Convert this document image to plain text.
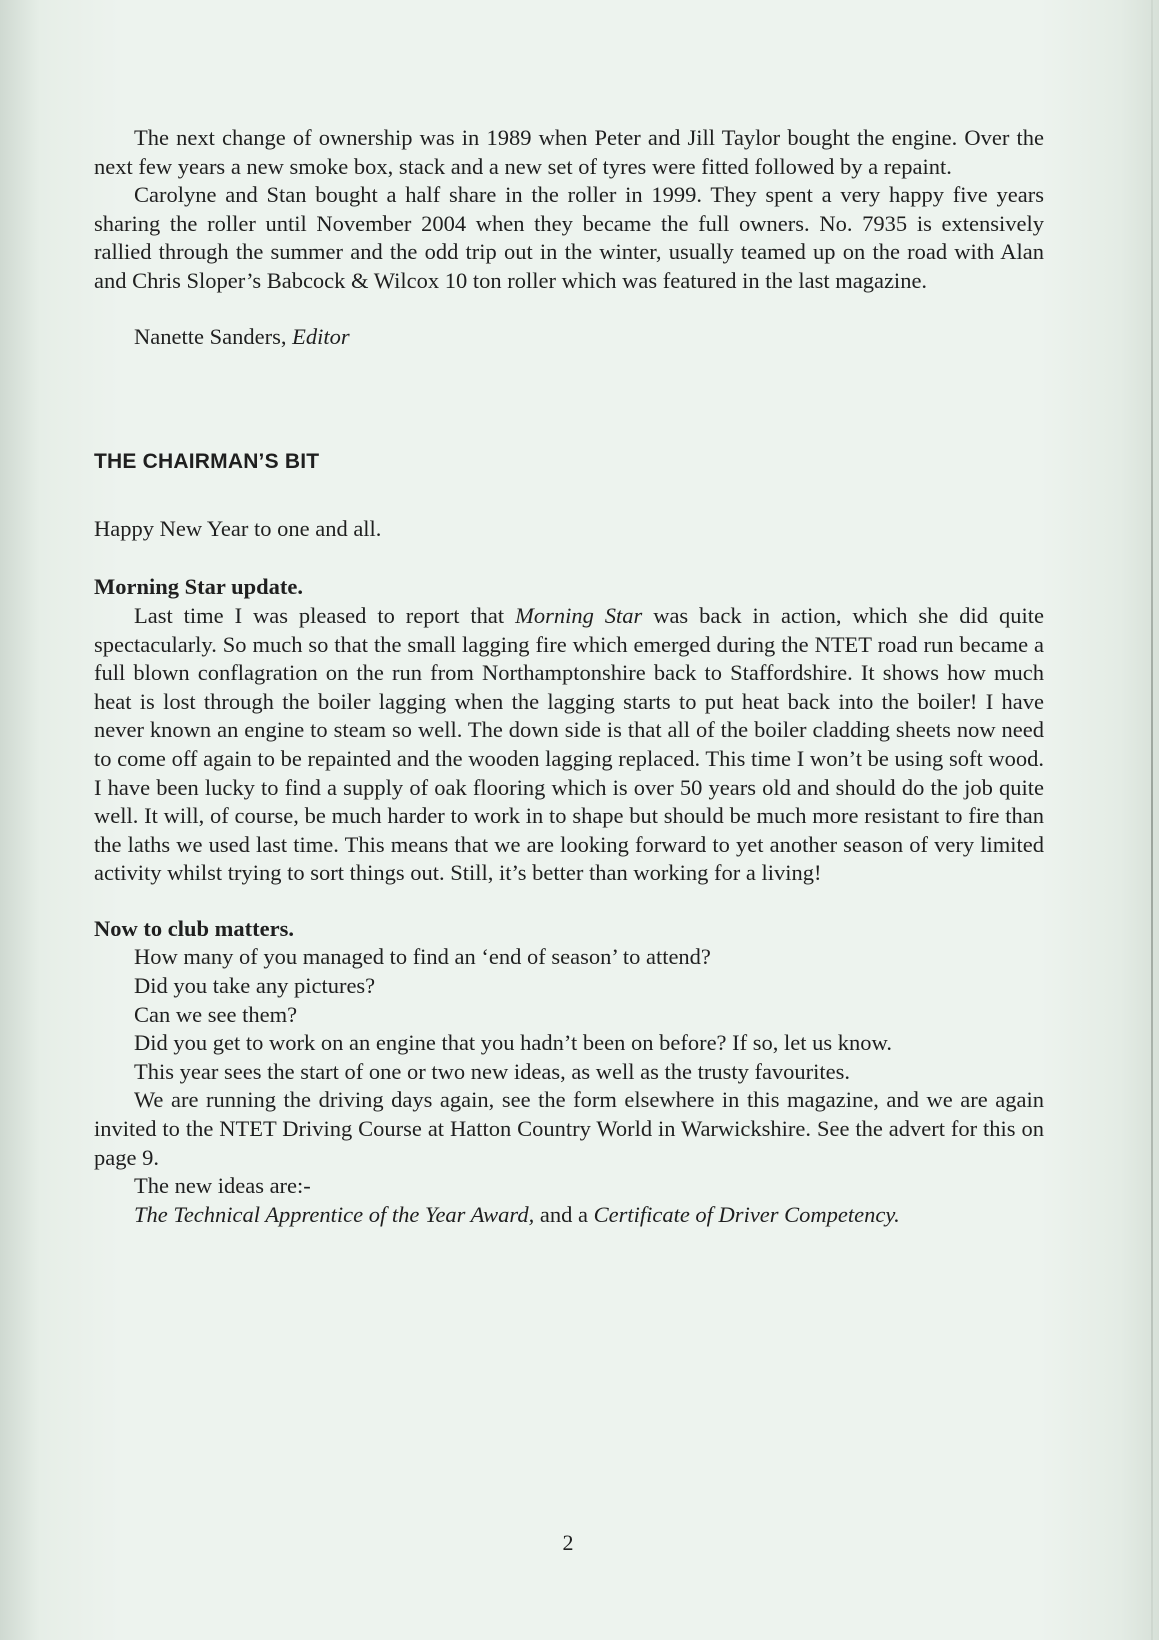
The next change of ownership was in 1989 when Peter and Jill Taylor bought the engine. Over the next few years a new smoke box, stack and a new set of tyres were fitted followed by a repaint.

Carolyne and Stan bought a half share in the roller in 1999. They spent a very happy five years sharing the roller until November 2004 when they became the full owners. No. 7935 is extensively rallied through the summer and the odd trip out in the winter, usually teamed up on the road with Alan and Chris Sloper’s Babcock & Wilcox 10 ton roller which was featured in the last magazine.

Nanette Sanders, Editor

THE CHAIRMAN’S BIT

Happy New Year to one and all.

Morning Star update.

Last time I was pleased to report that Morning Star was back in action, which she did quite spectacularly. So much so that the small lagging fire which emerged during the NTET road run became a full blown conflagration on the run from Northamptonshire back to Staffordshire. It shows how much heat is lost through the boiler lagging when the lagging starts to put heat back into the boiler! I have never known an engine to steam so well. The down side is that all of the boiler cladding sheets now need to come off again to be repainted and the wooden lagging replaced. This time I won’t be using soft wood. I have been lucky to find a supply of oak flooring which is over 50 years old and should do the job quite well. It will, of course, be much harder to work in to shape but should be much more resistant to fire than the laths we used last time. This means that we are looking forward to yet another season of very limited activity whilst trying to sort things out. Still, it’s better than working for a living!

Now to club matters.

How many of you managed to find an ‘end of season’ to attend?

Did you take any pictures?

Can we see them?

Did you get to work on an engine that you hadn’t been on before? If so, let us know.

This year sees the start of one or two new ideas, as well as the trusty favourites.

We are running the driving days again, see the form elsewhere in this magazine, and we are again invited to the NTET Driving Course at Hatton Country World in Warwickshire. See the advert for this on page 9.

The new ideas are:-

The Technical Apprentice of the Year Award, and a Certificate of Driver Competency.

2
